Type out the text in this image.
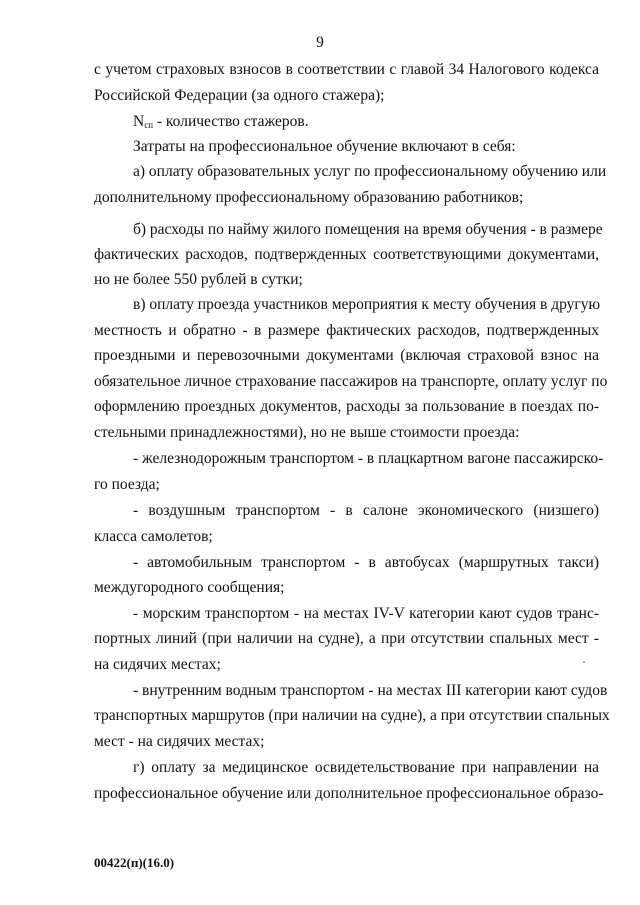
9
с учетом страховых взносов в соответствии с главой 34 Налогового кодекса
Российской Федерации (за одного стажера);
$N_{сп}$ - количество стажеров.
Затраты на профессиональное обучение включают в себя:
а) оплату образовательных услуг по профессиональному обучению или
дополнительному профессиональному образованию работников;
б) расходы по найму жилого помещения на время обучения - в размере
фактических расходов, подтвержденных соответствующими документами,
но не более 550 рублей в сутки;
в) оплату проезда участников мероприятия к месту обучения в другую
местность и обратно - в размере фактических расходов, подтвержденных
проездными и перевозочными документами (включая страховой взнос на
обязательное личное страхование пассажиров на транспорте, оплату услуг по
оформлению проездных документов, расходы за пользование в поездах по-
стельными принадлежностями), но не выше стоимости проезда:
- железнодорожным транспортом - в плацкартном вагоне пассажирско-
го поезда;
- воздушным транспортом - в салоне экономического (низшего)
класса самолетов;
- автомобильным транспортом - в автобусах (маршрутных такси)
междугородного сообщения;
- морским транспортом - на местах IV-V категории кают судов транс-
портных линий (при наличии на судне), а при отсутствии спальных мест -
на сидячих местах;
- внутренним водным транспортом - на местах III категории кают судов
транспортных маршрутов (при наличии на судне), а при отсутствии спальных
мест - на сидячих местах;
г) оплату за медицинское освидетельствование при направлении на
профессиональное обучение или дополнительное профессиональное образо-
00422(п)(16.0)
